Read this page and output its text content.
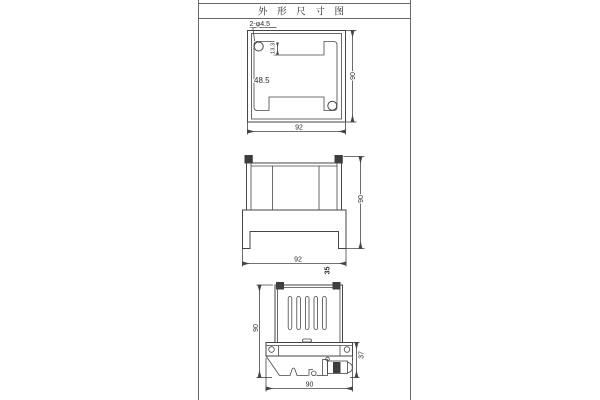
外 形 尺 寸 图
2-φ4.5
13.3
48.5	90
92
90
92
35
90
37
90
